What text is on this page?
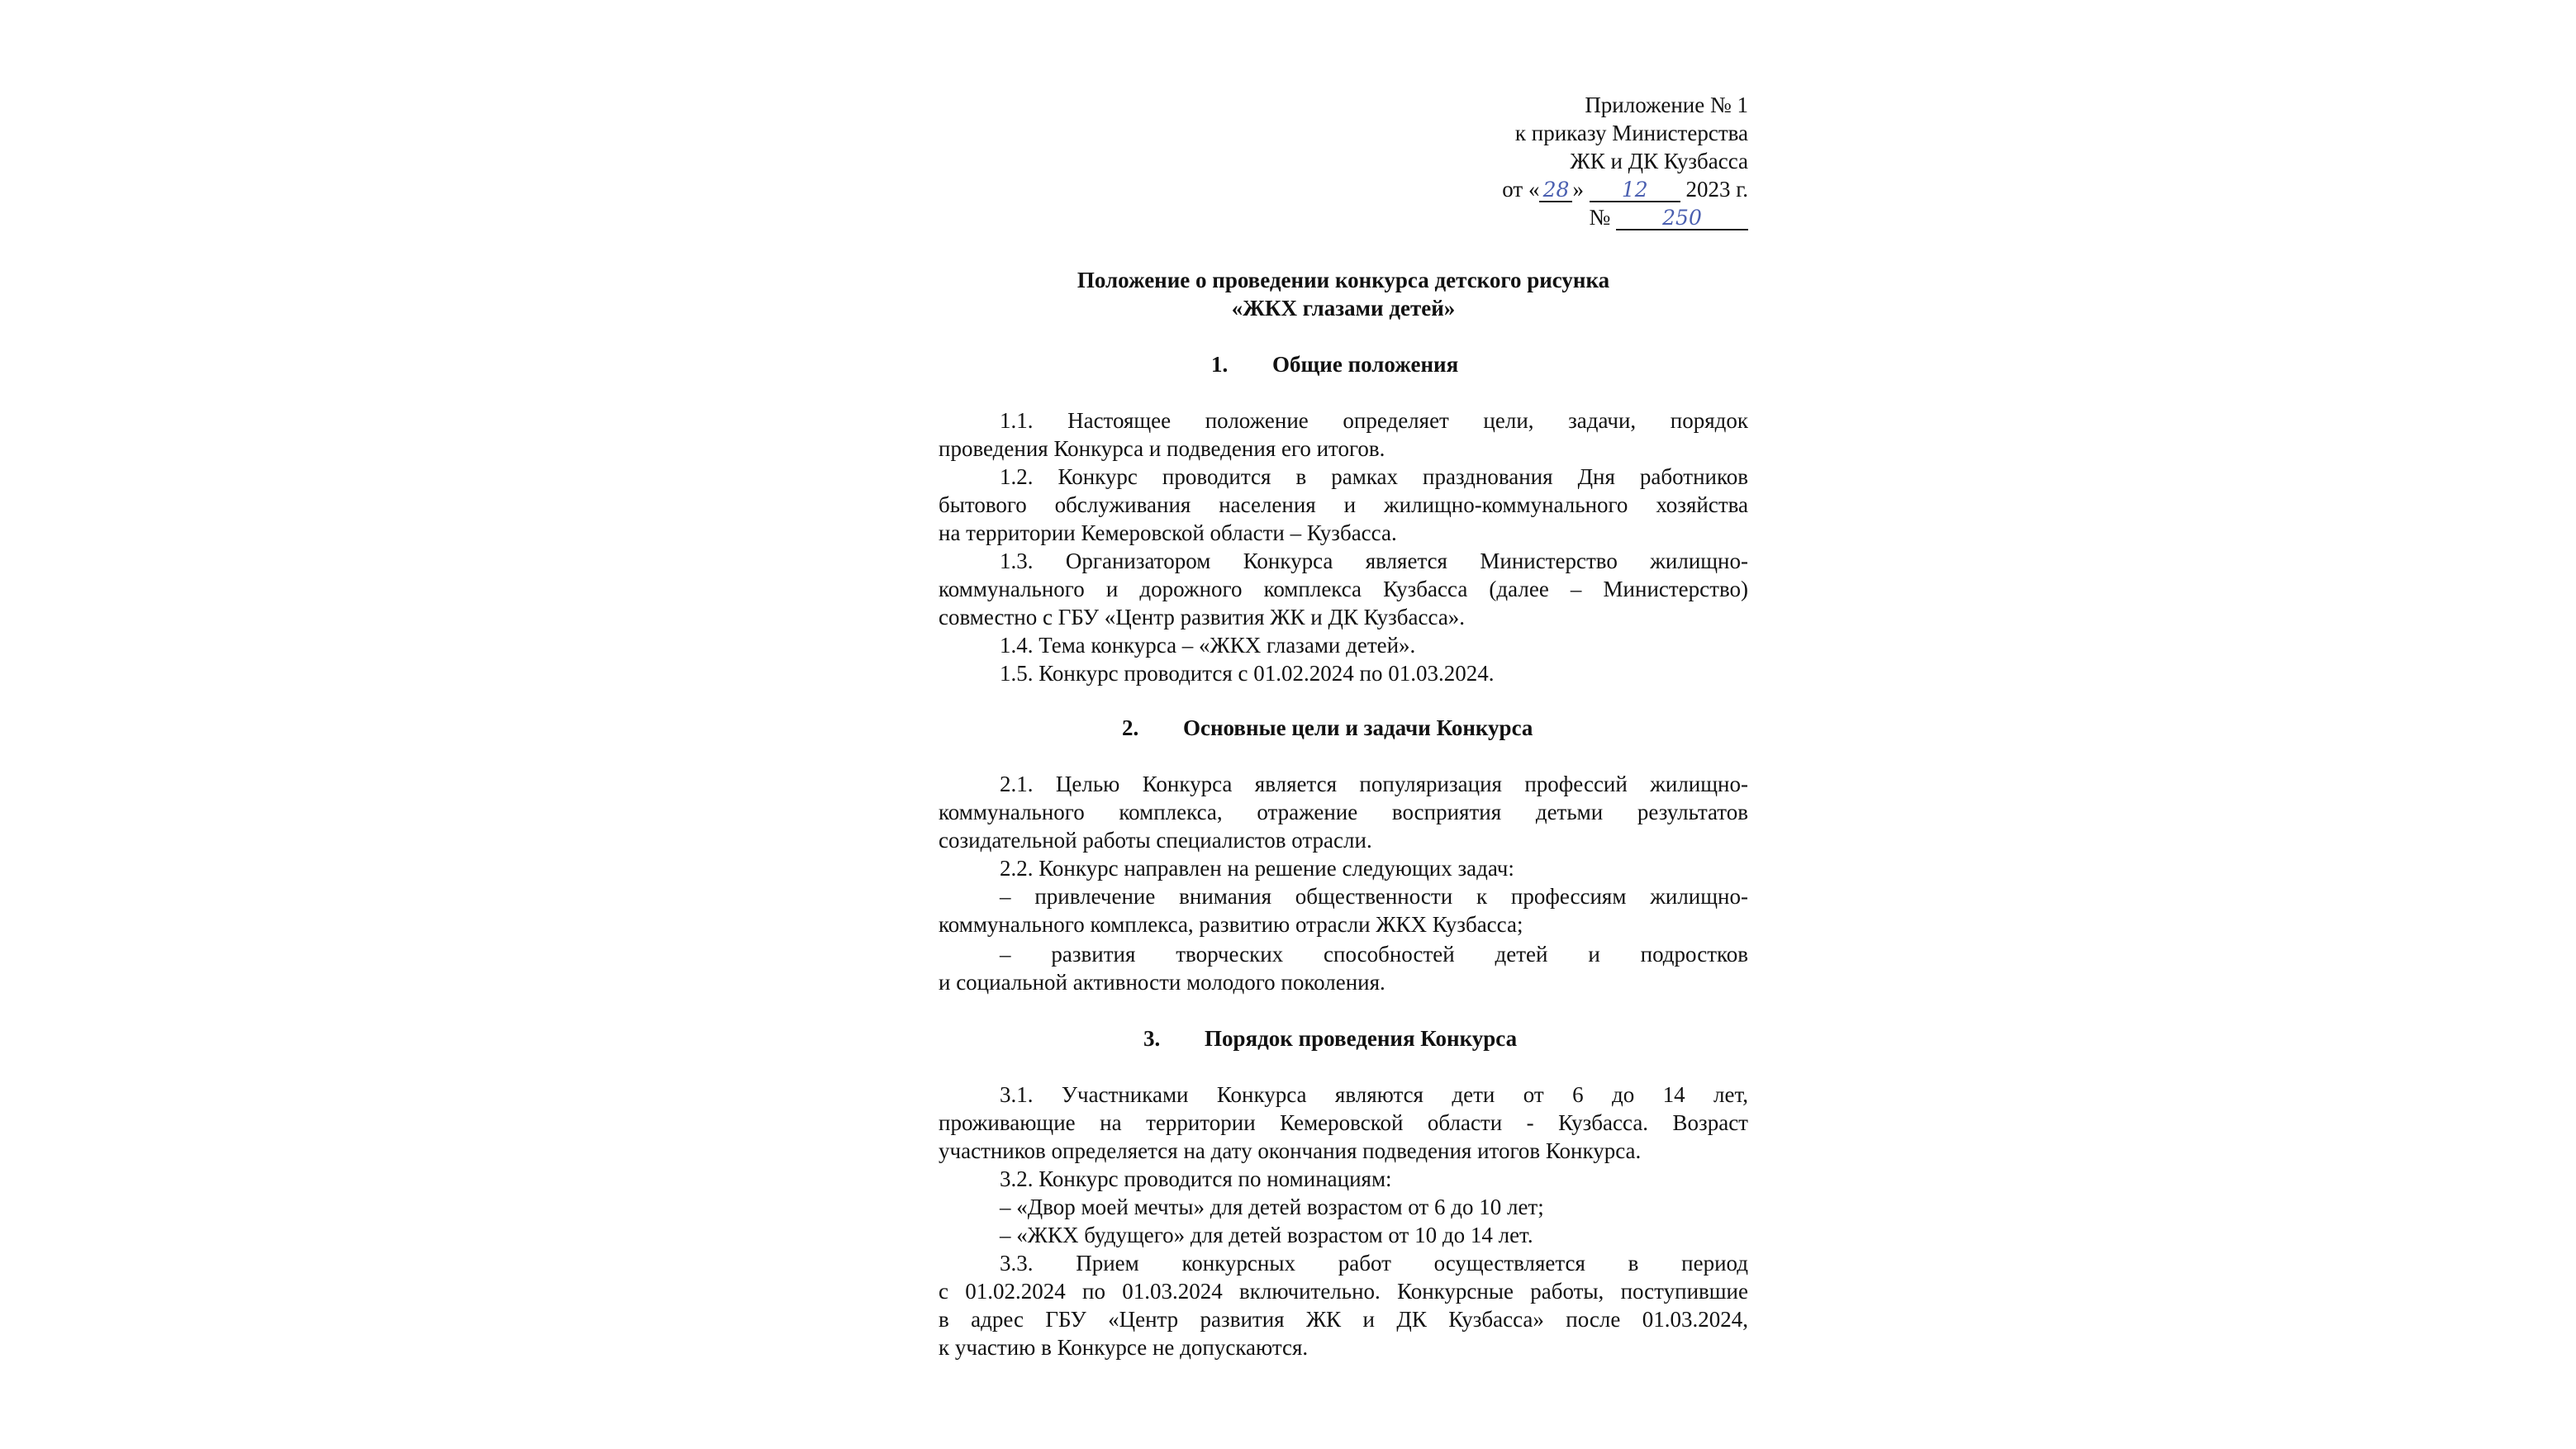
Приложение № 1
к приказу Министерства
ЖК и ДК Кузбасса
от « 28 » 12 2023 г.
№	250
Положение о проведении конкурса детского рисунка
«ЖКХ глазами детей»
1. Общие положения
1.1. Настоящее положение определяет цели, задачи, порядок
проведения Конкурса и подведения его итогов.
1.2. Конкурс проводится в рамках празднования Дня работников
бытового обслуживания населения и жилищно-коммунального хозяйства
на территории Кемеровской области – Кузбасса.
1.3. Организатором Конкурса является Министерство жилищно-
коммунального и дорожного комплекса Кузбасса (далее – Министерство)
совместно с ГБУ «Центр развития ЖК и ДК Кузбасса».
1.4. Тема конкурса – «ЖКХ глазами детей».
1.5. Конкурс проводится с 01.02.2024 по 01.03.2024.
2. Основные цели и задачи Конкурса
2.1. Целью Конкурса является популяризация профессий жилищно-
коммунального комплекса, отражение восприятия детьми результатов
созидательной работы специалистов отрасли.
2.2. Конкурс направлен на решение следующих задач:
– привлечение внимания общественности к профессиям жилищно-
коммунального комплекса, развитию отрасли ЖКХ Кузбасса;
– развития творческих способностей детей и подростков
и социальной активности молодого поколения.
3. Порядок проведения Конкурса
3.1. Участниками Конкурса являются дети от 6 до 14 лет,
проживающие на территории Кемеровской области - Кузбасса. Возраст
участников определяется на дату окончания подведения итогов Конкурса.
3.2. Конкурс проводится по номинациям:
– «Двор моей мечты» для детей возрастом от 6 до 10 лет;
– «ЖКХ будущего» для детей возрастом от 10 до 14 лет.
3.3. Прием конкурсных работ осуществляется в период
с 01.02.2024 по 01.03.2024 включительно. Конкурсные работы, поступившие
в адрес ГБУ «Центр развития ЖК и ДК Кузбасса» после 01.03.2024,
к участию в Конкурсе не допускаются.
